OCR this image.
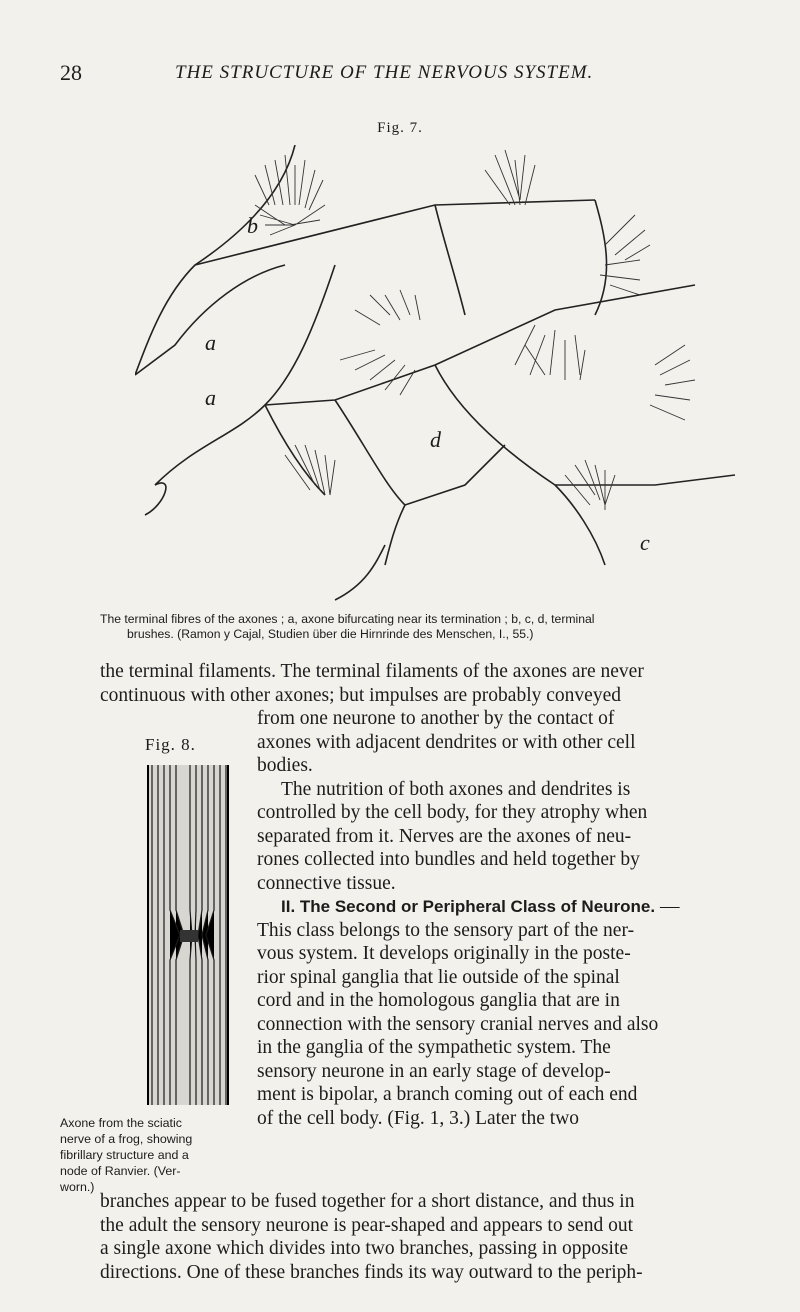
28	THE STRUCTURE OF THE NERVOUS SYSTEM.
Fig. 7.
b
a
a
d
c
The terminal fibres of the axones ; a, axone bifurcating near its termination ; b, c, d, terminal
brushes. (Ramon y Cajal, Studien über die Hirnrinde des Menschen, I., 55.)
the terminal filaments. The terminal filaments of the axones are never
continuous with other axones; but impulses are probably conveyed
Fig. 8.
Axone from the sciatic
nerve of a frog, showing
fibrillary structure and a
node of Ranvier. (Ver-
worn.)
from one neurone to another by the contact of
axones with adjacent dendrites or with other cell
bodies.
The nutrition of both axones and dendrites is
controlled by the cell body, for they atrophy when
separated from it. Nerves are the axones of neu-
rones collected into bundles and held together by
connective tissue.
II. The Second or Peripheral Class of Neurone. —
This class belongs to the sensory part of the ner-
vous system. It develops originally in the poste-
rior spinal ganglia that lie outside of the spinal
cord and in the homologous ganglia that are in
connection with the sensory cranial nerves and also
in the ganglia of the sympathetic system. The
sensory neurone in an early stage of develop-
ment is bipolar, a branch coming out of each end
of the cell body. (Fig. 1, 3.) Later the two
branches appear to be fused together for a short distance, and thus in
the adult the sensory neurone is pear-shaped and appears to send out
a single axone which divides into two branches, passing in opposite
directions. One of these branches finds its way outward to the periph-
